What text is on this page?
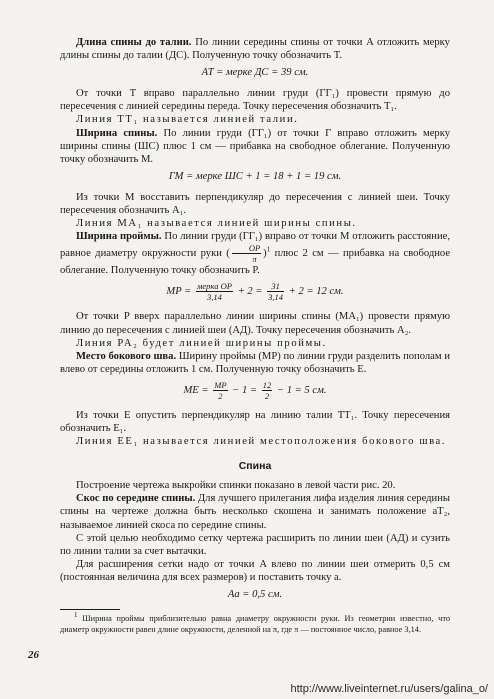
Длина спины до талии. По линии середины спины от точки A отложить мерку длины спины до талии (ДС). Полученную точку обозначить T.

AT = мерке ДС = 39 см.

От точки T вправо параллельно линии груди (ГГ₁) провести прямую до пересечения с линией середины переда. Точку пересечения обозначить T₁.

Линия TT₁ называется линией талии.

Ширина спины. По линии груди (ГГ₁) от точки Г вправо отложить мерку ширины спины (ШС) плюс 1 см — прибавка на свободное облегание. Полученную точку обозначить M.

ГМ = мерке ШС + 1 = 18 + 1 = 19 см.

Из точки M восставить перпендикуляр до пересечения с линией шеи. Точку пересечения обозначить A₁.

Линия MA₁ называется линией ширины спины.

Ширина проймы. По линии груди (ГГ₁) вправо от точки M отложить расстояние, равное диаметру окружности руки ( $\frac{ОР}{\pi} )^1$ плюс 2 см — прибавка на свободное облегание. Полученную точку обозначить P.

MP = $\frac{\text{мерка ОР}}{3,14} + 2 = \frac{31}{3,14} + 2 = 12$ см.

От точки P вверх параллельно линии ширины спины (MA₁) провести прямую линию до пересечения с линией шеи (AД). Точку пересечения обозначить A₂.

Линия PA₂ будет линией ширины проймы.

Место бокового шва. Ширину проймы (MP) по линии груди разделить пополам и влево от середины отложить 1 см. Полученную точку обозначить E.

ME = $\frac{MP}{2} - 1 = \frac{12}{2} - 1 = 5$ см.

Из точки E опустить перпендикуляр на линию талии TT₁. Точку пересечения обозначить E₁.

Линия EE₁ называется линией местоположения бокового шва.

Спина

Построение чертежа выкройки спинки показано в левой части рис. 20.

Скос по середине спины. Для лучшего прилегания лифа изделия линия середины спины на чертеже должна быть несколько скошена и занимать положение aT₂, называемое линией скоса по середине спины.

С этой целью необходимо сетку чертежа расширить по линии шеи (AД) и сузить по линии талии за счет вытачки.

Для расширения сетки надо от точки A влево по линии шеи отмерить 0,5 см (постоянная величина для всех размеров) и поставить точку a.

Aa = 0,5 см.

$^1$ Ширина проймы приблизительно равна диаметру окружности руки. Из геометрии известно, что диаметр окружности равен длине окружности, деленной на π, где π — постоянное число, равное 3,14.

26
http://www.liveinternet.ru/users/galina_o/
